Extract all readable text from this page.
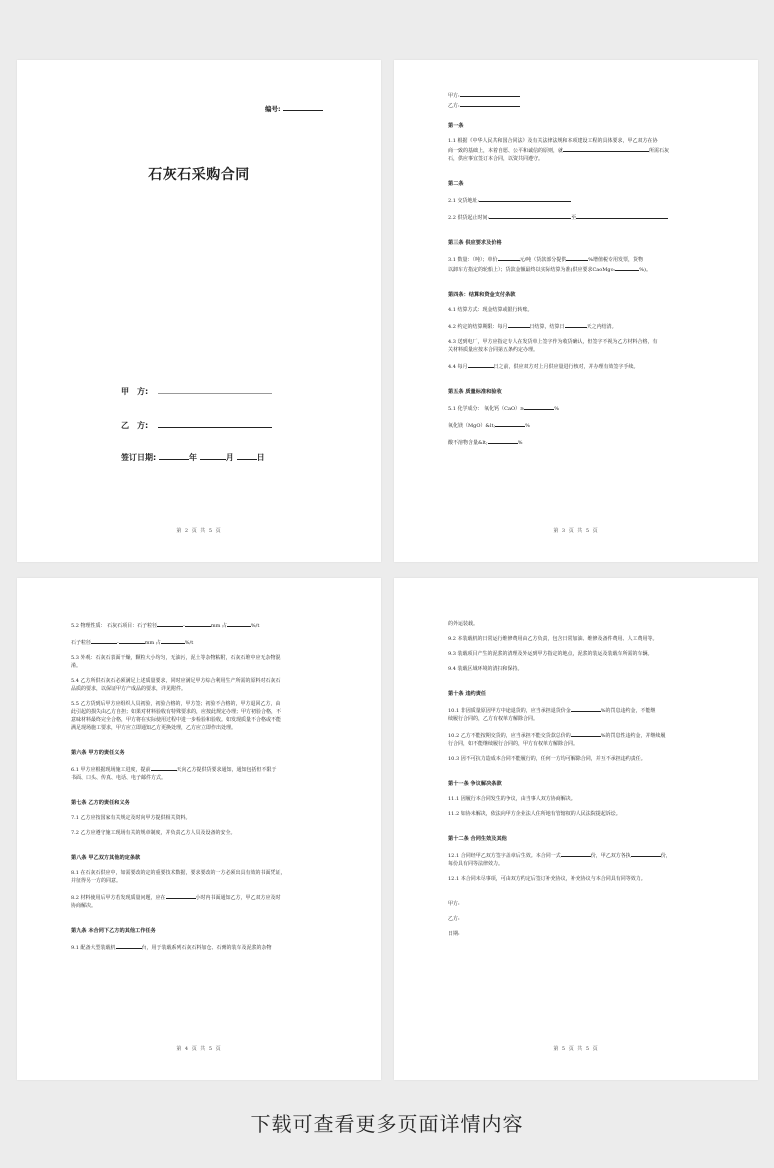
编号:
石灰石采购合同
甲　方:
乙　方:
签订日期:	年	月	日
第 2 页 共 5 页

甲方:

乙方:

第一条

1.1 根据《中华人民共和国合同法》及有关法律法规和本项建设工程的具体要求，甲乙双方在协

商一致的基础上，本着自愿、公平和诚信的原则，就	所需石灰

石，供应事宜签订本合同，以资共同遵守。

第二条

2.1 交货地址:

2.2 供货起止时间:	至

第三条 供应要求及价格

3.1 数量：（吨）；单价	元/吨（货款部分提供	%增值税专用发票，货物

以卸车方指定的轮船上）；货款金额最终以实际结算为准(供应要求CaoMgo:	%)。

第四条：结算和资金支付条款

4.1 结算方式：现金结算或银行转账。

4.2 约定的结算期限：每月	日结算，结算日	天之内结清。

4.3 送到电厂，甲方应指定专人在发货单上签字作为收货确认，但签字不视为乙方材料合格，有

关材料质量应按本合同第五条约定办理。

4.4 每月	日之前，供应双方对上月供应量进行核对，并办理有效签字手续。

第五条 质量标准和验收

5.1 化学成分： 氧化钙（CaO）≥	%

氧化镁（MgO）&lt;	%

酸不溶物含量&lt;	%

第 3 页 共 5 页

5.2 物理性质： 石灰石项目：石子粒径	-	mm 占	%/t

石子粒径	-	mm 占	%/t

5.3 外观：石灰石表面干燥，颗粒大小均匀，无油污，泥土等杂物粘附，石灰石堆中应无杂物混

淆。

5.4 乙方所供石灰石必须满足上述质量要求，同时应满足甲方综合利用生产所需的原料对石灰石

品质的要求，以保证甲方产成品的要求，详见附件。

5.5 乙方货到后甲方应组织人员初验，初验合格的，甲方签；初验不合格的，甲方退回乙方，由

此引起的损失由乙方自担；如果对材料验收有特殊要求的，应按此规定办理；甲方初验合格，不

意味材料最终完全合格，甲方将在实际使用过程中进一步检验和验收。如发现质量不合格或不能

满足现场施工要求，甲方应立即通知乙方更换处理，乙方应立即作出处理。

第六条 甲方的责任义务

6.1 甲方应根据现场施工进度，提前	天向乙方提供货要求通知，通知包括但不限于

书面、口头、传真、电话、电子邮件方式。

第七条 乙方的责任和义务

7.1 乙方应按国家有关规定及时向甲方提供相关资料。

7.2 乙方应遵守施工现场有关的规章制度，并负责乙方人员及设备的安全。

第八条 甲乙双方其他的定条款

8.1 在石灰石供应中，如需要改的定的重要技术数据，要求要改的一方必须出具有效的书面凭证，

并征得另一方的同意。

8.2 材料使用后甲方若发现质量问题，应在	小时内书面通知乙方，甲乙双方应及时

协商解决。

第九条 本合同下乙方的其他工作任务

9.1 配备大型装载机	台，用于装载系列石灰石料加仓、石膏的装车及泥浆的杂物

第 4 页 共 5 页

的外运装载。

9.2 本装载机的日常运行维修费用由乙方负责，包含日常加油、维修及备件费用、人工费用等。

9.3 装载项目产生的泥浆的清理及外运到甲方指定的地点，泥浆的装运及装载车所需的车辆。

9.4 装载区域环境的清扫和保持。

第十条 违约责任

10.1 非因质量原因甲方中途退货的，应当承担退货价金	%的罚息违约金，不能继

续履行合同的，乙方有权单方解除合同。

10.2 乙方不能按期交货的，应当承担不能交货款总价的	%的罚息性违约金，并继续履

行合同，如不能继续履行合同的，甲方有权单方解除合同。

10.3 因不可抗力造成本合同不能履行的，任何一方均可解除合同，并互不承担违约责任。

第十一条 争议解决条款

11.1 因履行本合同发生的争议，由当事人双方协商解决。

11.2 如协未解决，依法向甲方企业法人住所地有管辖权的人民法院提起诉讼。

第十二条 合同生效及其他

12.1 合同经甲乙双方签字盖章后生效。本合同一式	份，甲乙双方各执	份，

每份具有同等法律效力。

12.1 本合同未尽事项，可由双方约定后签订补充协议，补充协议与本合同具有同等效力。

甲方:

乙方:

日期:

第 5 页 共 5 页
下载可查看更多页面详情内容
